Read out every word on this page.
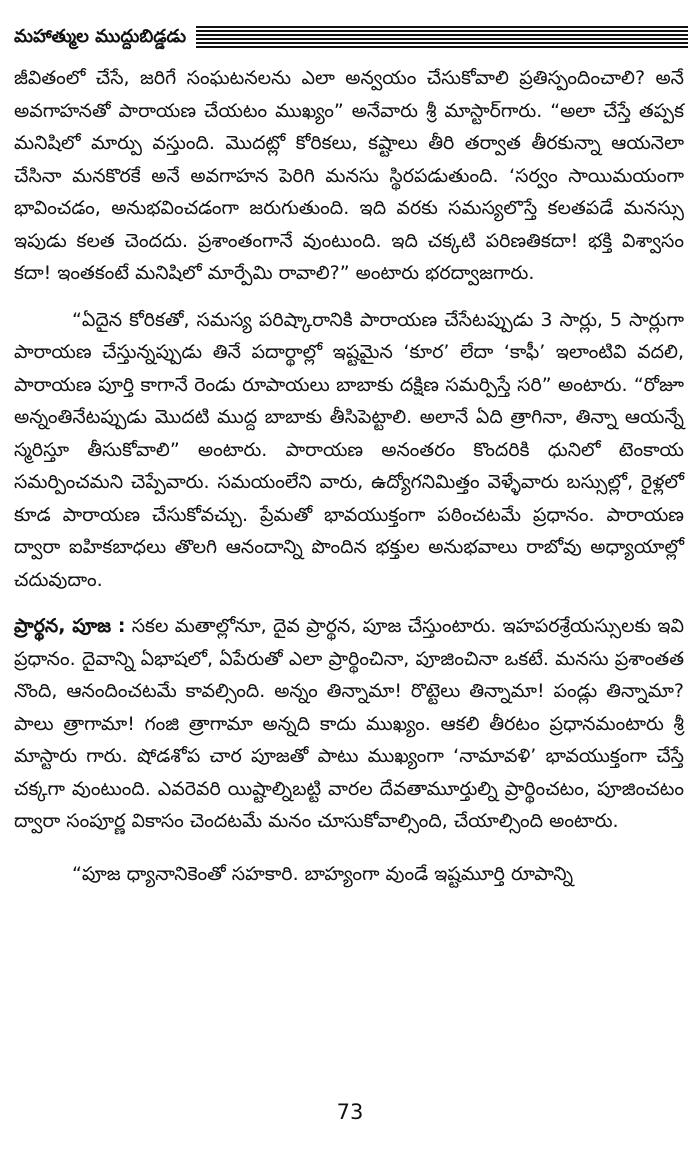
మహాత్ముల ముద్దుబిడ్డడు

జీవితంలో చేసే, జరిగే సంఘటనలను ఎలా అన్వయం చేసుకోవాలి ప్రతిస్పందించాలి? అనే అవగాహనతో పారాయణ చేయటం ముఖ్యం” అనేవారు శ్రీ మాస్టార్‌గారు. “అలా చేస్తే తప్పక మనిషిలో మార్పు వస్తుంది. మొదట్లో కోరికలు, కష్టాలు తీరి తర్వాత తీరకున్నా ఆయనెలా చేసినా మనకొరకే అనే అవగాహన పెరిగి మనసు స్థిరపడుతుంది. ‘సర్వం సాయిమయంగా భావించడం, అనుభవించడంగా జరుగుతుంది. ఇది వరకు సమస్యలొస్తే కలతపడే మనస్సు ఇపుడు కలత చెందదు. ప్రశాంతంగానే వుంటుంది. ఇది చక్కటి పరిణతికదా! భక్తి విశ్వాసం కదా! ఇంతకంటే మనిషిలో మార్పేమి రావాలి?” అంటారు భరద్వాజగారు.

“ఏదైన కోరికతో, సమస్య పరిష్కారానికి పారాయణ చేసేటప్పుడు 3 సార్లు, 5 సార్లుగా పారాయణ చేస్తున్నప్పుడు తినే పదార్థాల్లో ఇష్టమైన ‘కూర’ లేదా ‘కాఫీ’ ఇలాంటివి వదలి, పారాయణ పూర్తి కాగానే రెండు రూపాయలు బాబాకు దక్షిణ సమర్పిస్తే సరి” అంటారు. “రోజూ అన్నంతినేటప్పుడు మొదటి ముద్ద బాబాకు తీసిపెట్టాలి. అలానే ఏది త్రాగినా, తిన్నా ఆయన్నే స్మరిస్తూ తీసుకోవాలి” అంటారు. పారాయణ అనంతరం కొందరికి ధునిలో టెంకాయ సమర్పించమని చెప్పేవారు. సమయంలేని వారు, ఉద్యోగనిమిత్తం వెళ్ళేవారు బస్సుల్లో, రైళ్లలో కూడ పారాయణ చేసుకోవచ్చు. ప్రేమతో భావయుక్తంగా పఠించటమే ప్రధానం. పారాయణ ద్వారా ఐహికబాధలు తొలగి ఆనందాన్ని పొందిన భక్తుల అనుభవాలు రాబోవు అధ్యాయాల్లో చదువుదాం.

ప్రార్థన, పూజ : సకల మతాల్లోనూ, దైవ ప్రార్థన, పూజ చేస్తుంటారు. ఇహపరశ్రేయస్సులకు ఇవి ప్రధానం. దైవాన్ని ఏభాషలో, ఏపేరుతో ఎలా ప్రార్థించినా, పూజించినా ఒకటే. మనసు ప్రశాంతత నొంది, ఆనందించటమే కావల్సింది. అన్నం తిన్నామా! రొట్టెలు తిన్నామా! పండ్లు తిన్నామా? పాలు త్రాగామా! గంజి త్రాగామా అన్నది కాదు ముఖ్యం. ఆకలి తీరటం ప్రధానమంటారు శ్రీ మాస్టారు గారు. షోడశోప చార పూజతో పాటు ముఖ్యంగా ‘నామావళి’ భావయుక్తంగా చేస్తే చక్కగా వుంటుంది. ఎవరెవరి యిష్టాల్నిబట్టి వారల దేవతామూర్తుల్ని ప్రార్థించటం, పూజించటం ద్వారా సంపూర్ణ వికాసం చెందటమే మనం చూసుకోవాల్సింది, చేయాల్సింది అంటారు.

“పూజ ధ్యానానికెంతో సహకారి. బాహ్యంగా వుండే ఇష్టమూర్తి రూపాన్ని

73
